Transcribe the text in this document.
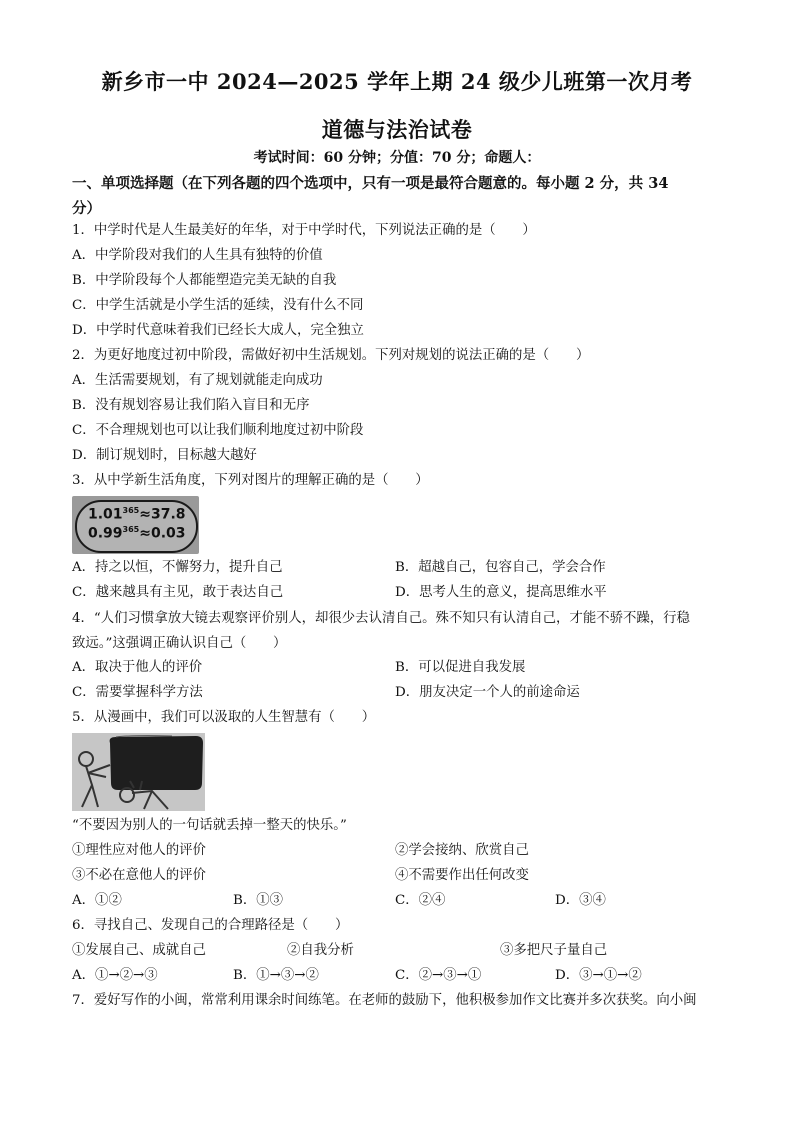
新乡市一中 2024—2025 学年上期 24 级少儿班第一次月考
道德与法治试卷
考试时间：60 分钟；分值：70 分；命题人：
一、单项选择题（在下列各题的四个选项中，只有一项是最符合题意的。每小题 2 分，共 34
分）
1．中学时代是人生最美好的年华，对于中学时代，下列说法正确的是（　　）
A．中学阶段对我们的人生具有独特的价值
B．中学阶段每个人都能塑造完美无缺的自我
C．中学生活就是小学生活的延续，没有什么不同
D．中学时代意味着我们已经长大成人，完全独立
2．为更好地度过初中阶段，需做好初中生活规划。下列对规划的说法正确的是（　　）
A．生活需要规划，有了规划就能走向成功
B．没有规划容易让我们陷入盲目和无序
C．不合理规划也可以让我们顺利地度过初中阶段
D．制订规划时，目标越大越好
3．从中学新生活角度，下列对图片的理解正确的是（　　）
$1.01^{365}\approx 37.8$
$0.99^{365}\approx 0.03$
A．持之以恒，不懈努力，提升自己	B．超越自己，包容自己，学会合作
C．越来越具有主见，敢于表达自己	D．思考人生的意义，提高思维水平
4．“人们习惯拿放大镜去观察评价别人，却很少去认清自己。殊不知只有认清自己，才能不骄不躁，行稳
致远。”这强调正确认识自己（　　）
A．取决于他人的评价	B．可以促进自我发展
C．需要掌握科学方法	D．朋友决定一个人的前途命运
5．从漫画中，我们可以汲取的人生智慧有（　　）
“不要因为别人的一句话就丢掉一整天的快乐。”
①理性应对他人的评价	②学会接纳、欣赏自己
③不必在意他人的评价	④不需要作出任何改变
A．①②	B．①③	C．②④	D．③④
6．寻找自己、发现自己的合理路径是（　　）
①发展自己、成就自己	②自我分析	③多把尺子量自己
A．①→②→③	B．①→③→②	C．②→③→①	D．③→①→②
7．爱好写作的小闽，常常利用课余时间练笔。在老师的鼓励下，他积极参加作文比赛并多次获奖。向小闽
